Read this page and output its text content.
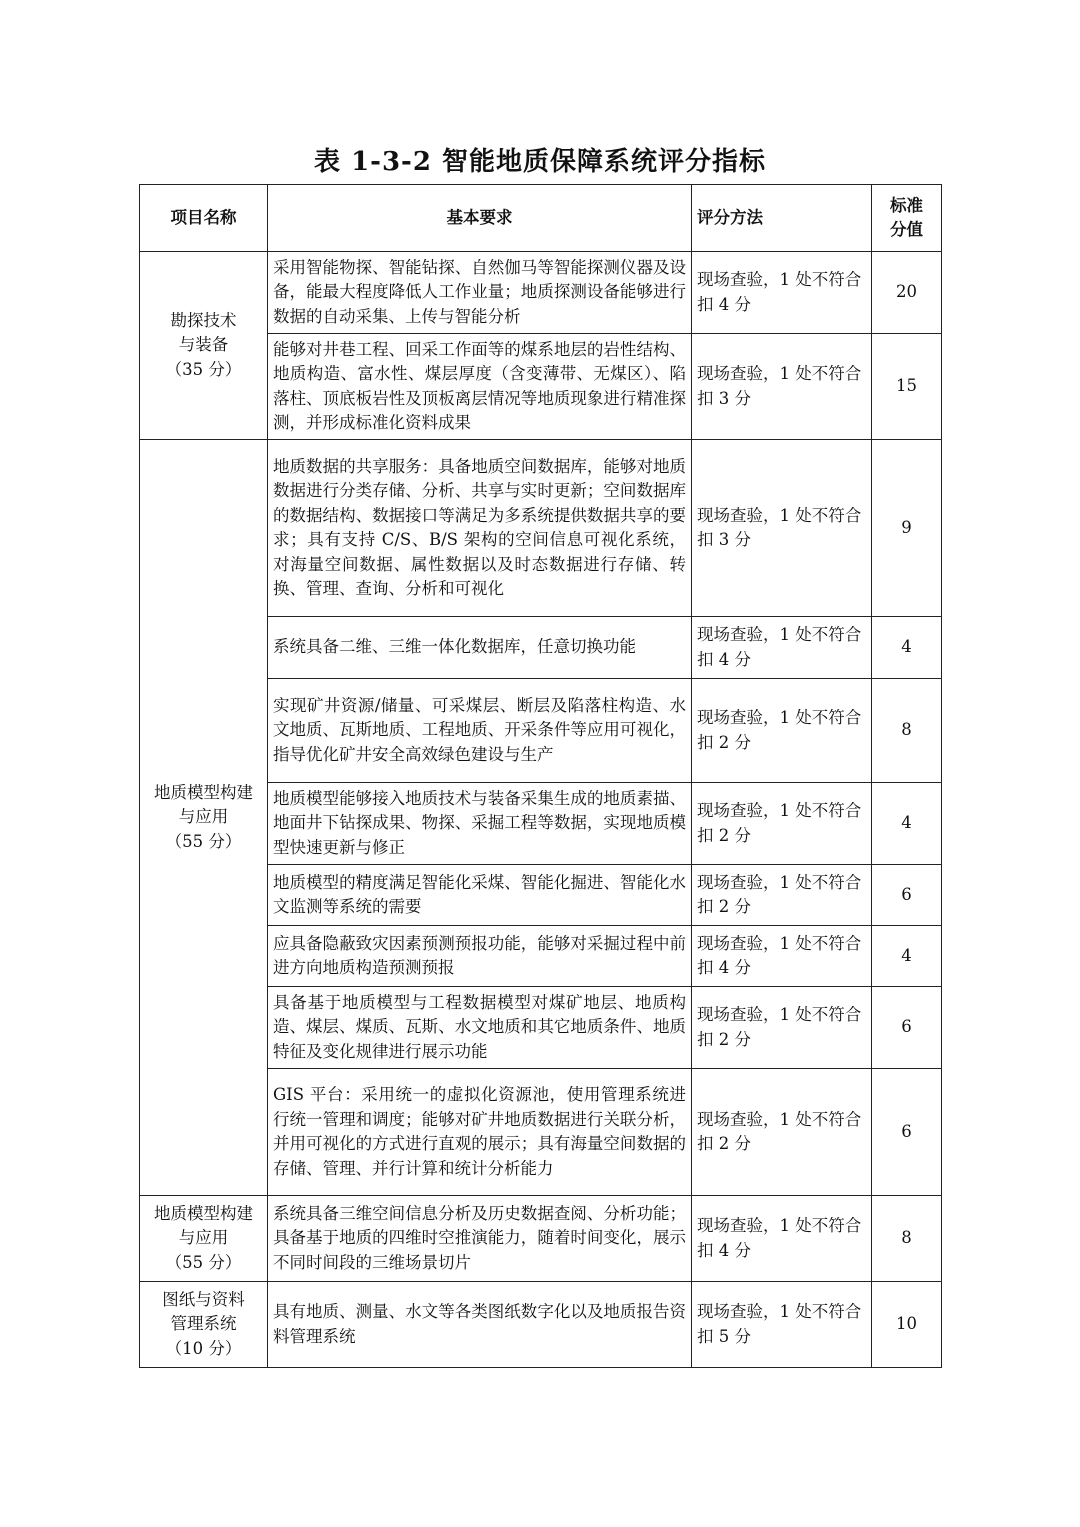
表 1-3-2 智能地质保障系统评分指标
项目名称	基本要求	评分方法	标准
分值

勘探技术
与装备
（35 分）	采用智能物探、智能钻探、自然伽马等智能探测仪器及设备，能最大程度降低人工作业量；地质探测设备能够进行数据的自动采集、上传与智能分析	现场查验，1 处不符合扣 4 分	20
	能够对井巷工程、回采工作面等的煤系地层的岩性结构、地质构造、富水性、煤层厚度（含变薄带、无煤区）、陷落柱、顶底板岩性及顶板离层情况等地质现象进行精准探测，并形成标准化资料成果	现场查验，1 处不符合扣 3 分	15

地质模型构建
与应用
（55 分）	地质数据的共享服务：具备地质空间数据库，能够对地质数据进行分类存储、分析、共享与实时更新；空间数据库的数据结构、数据接口等满足为多系统提供数据共享的要求；具有支持 C/S、B/S 架构的空间信息可视化系统，对海量空间数据、属性数据以及时态数据进行存储、转换、管理、查询、分析和可视化	现场查验，1 处不符合扣 3 分	9
	系统具备二维、三维一体化数据库，任意切换功能	现场查验，1 处不符合扣 4 分	4
	实现矿井资源/储量、可采煤层、断层及陷落柱构造、水文地质、瓦斯地质、工程地质、开采条件等应用可视化，指导优化矿井安全高效绿色建设与生产	现场查验，1 处不符合扣 2 分	8
	地质模型能够接入地质技术与装备采集生成的地质素描、地面井下钻探成果、物探、采掘工程等数据，实现地质模型快速更新与修正	现场查验，1 处不符合扣 2 分	4
	地质模型的精度满足智能化采煤、智能化掘进、智能化水文监测等系统的需要	现场查验，1 处不符合扣 2 分	6
	应具备隐蔽致灾因素预测预报功能，能够对采掘过程中前进方向地质构造预测预报	现场查验，1 处不符合扣 4 分	4
	具备基于地质模型与工程数据模型对煤矿地层、地质构造、煤层、煤质、瓦斯、水文地质和其它地质条件、地质特征及变化规律进行展示功能	现场查验，1 处不符合扣 2 分	6
	GIS 平台：采用统一的虚拟化资源池，使用管理系统进行统一管理和调度；能够对矿井地质数据进行关联分析，并用可视化的方式进行直观的展示；具有海量空间数据的存储、管理、并行计算和统计分析能力	现场查验，1 处不符合扣 2 分	6

地质模型构建
与应用
（55 分）	系统具备三维空间信息分析及历史数据查阅、分析功能；具备基于地质的四维时空推演能力，随着时间变化，展示不同时间段的三维场景切片	现场查验，1 处不符合扣 4 分	8

图纸与资料
管理系统
（10 分）	具有地质、测量、水文等各类图纸数字化以及地质报告资料管理系统	现场查验，1 处不符合扣 5 分	10
